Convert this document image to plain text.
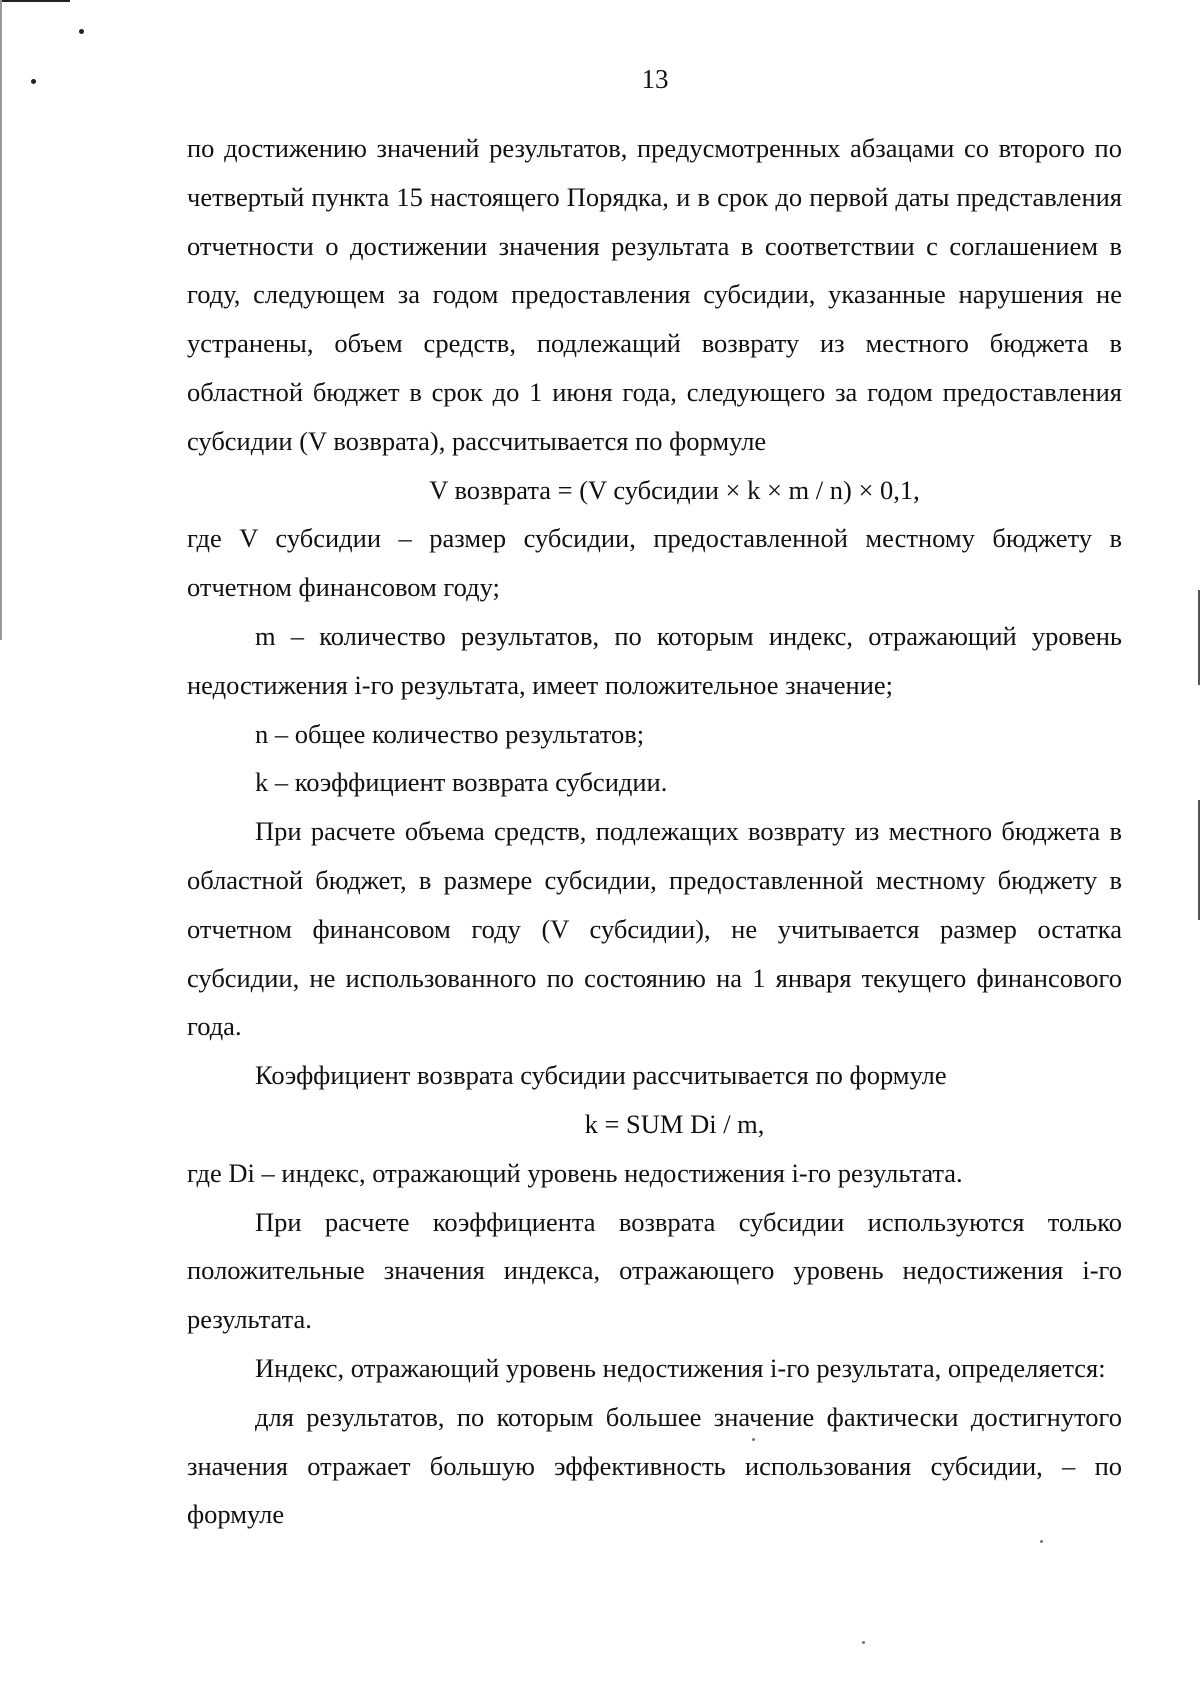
13

по достижению значений результатов, предусмотренных абзацами со второго по четвертый пункта 15 настоящего Порядка, и в срок до первой даты представления отчетности о достижении значения результата в соответствии с соглашением в году, следующем за годом предоставления субсидии, указанные нарушения не устранены, объем средств, подлежащий возврату из местного бюджета в областной бюджет в срок до 1 июня года, следующего за годом предоставления субсидии (V возврата), рассчитывается по формуле

V возврата = (V субсидии × k × m / n) × 0,1,

где V субсидии – размер субсидии, предоставленной местному бюджету в отчетном финансовом году;

m – количество результатов, по которым индекс, отражающий уровень недостижения i-го результата, имеет положительное значение;

n – общее количество результатов;

k – коэффициент возврата субсидии.

При расчете объема средств, подлежащих возврату из местного бюджета в областной бюджет, в размере субсидии, предоставленной местному бюджету в отчетном финансовом году (V субсидии), не учитывается размер остатка субсидии, не использованного по состоянию на 1 января текущего финансового года.

Коэффициент возврата субсидии рассчитывается по формуле

k = SUM Di / m,

где Di – индекс, отражающий уровень недостижения i-го результата.

При расчете коэффициента возврата субсидии используются только положительные значения индекса, отражающего уровень недостижения i-го результата.

Индекс, отражающий уровень недостижения i-го результата, определяется:

для результатов, по которым большее значение фактически достигнутого значения отражает большую эффективность использования субсидии, – по формуле
